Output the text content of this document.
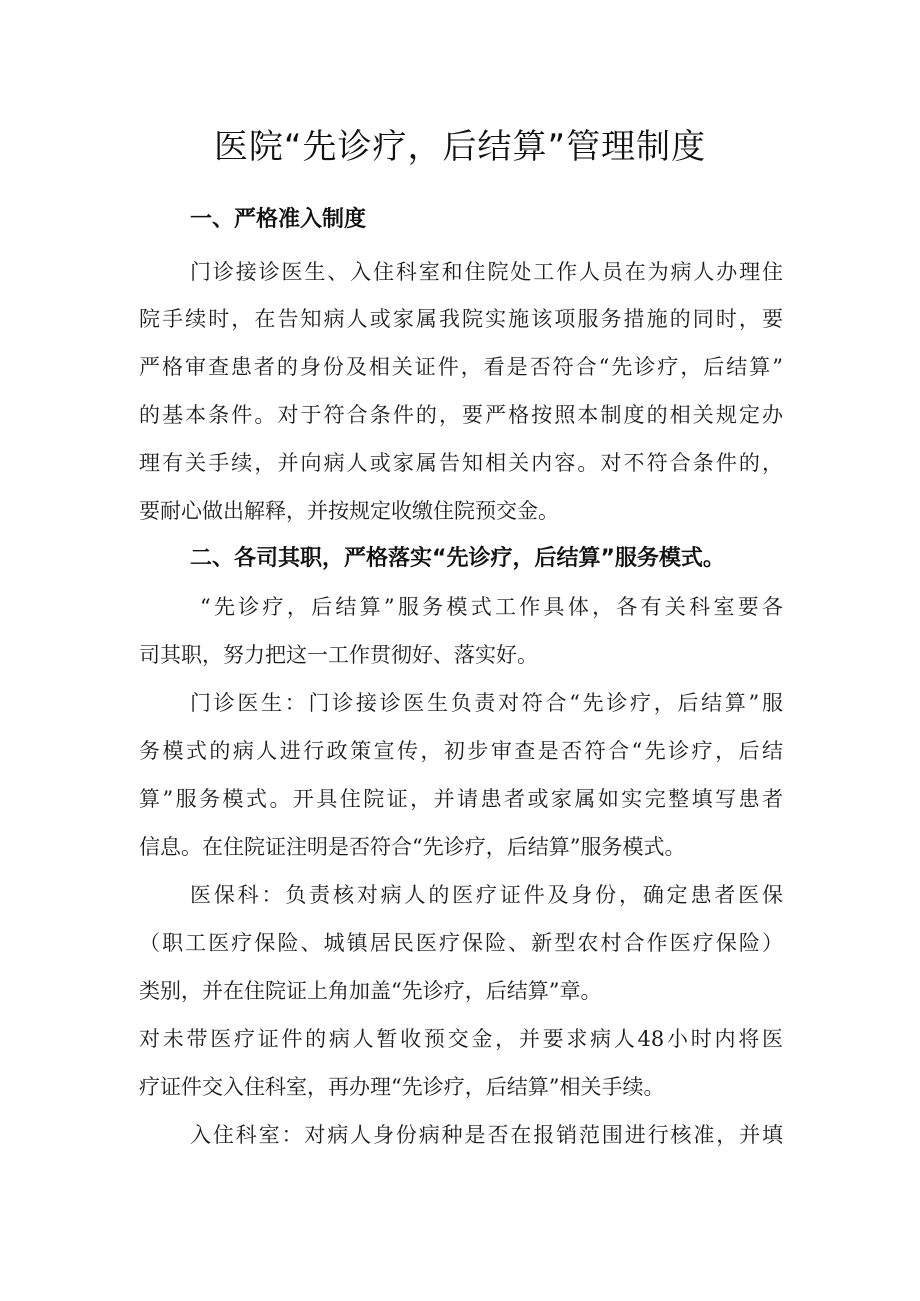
医院“先诊疗，后结算”管理制度
一、严格准入制度
门诊接诊医生、入住科室和住院处工作人员在为病人办理住
院手续时，在告知病人或家属我院实施该项服务措施的同时，要
严格审查患者的身份及相关证件，看是否符合“先诊疗，后结算”
的基本条件。对于符合条件的，要严格按照本制度的相关规定办
理有关手续，并向病人或家属告知相关内容。对不符合条件的，
要耐心做出解释，并按规定收缴住院预交金。
二、各司其职，严格落实“先诊疗，后结算”服务模式。
“先诊疗，后结算”服务模式工作具体，各有关科室要各
司其职，努力把这一工作贯彻好、落实好。
门诊医生：门诊接诊医生负责对符合“先诊疗，后结算”服
务模式的病人进行政策宣传，初步审查是否符合“先诊疗，后结
算”服务模式。开具住院证，并请患者或家属如实完整填写患者
信息。在住院证注明是否符合“先诊疗，后结算”服务模式。
医保科：负责核对病人的医疗证件及身份，确定患者医保
（职工医疗保险、城镇居民医疗保险、新型农村合作医疗保险）
类别，并在住院证上角加盖“先诊疗，后结算”章。
对未带医疗证件的病人暂收预交金，并要求病人48小时内将医
疗证件交入住科室，再办理“先诊疗，后结算”相关手续。
入住科室：对病人身份病种是否在报销范围进行核准，并填
